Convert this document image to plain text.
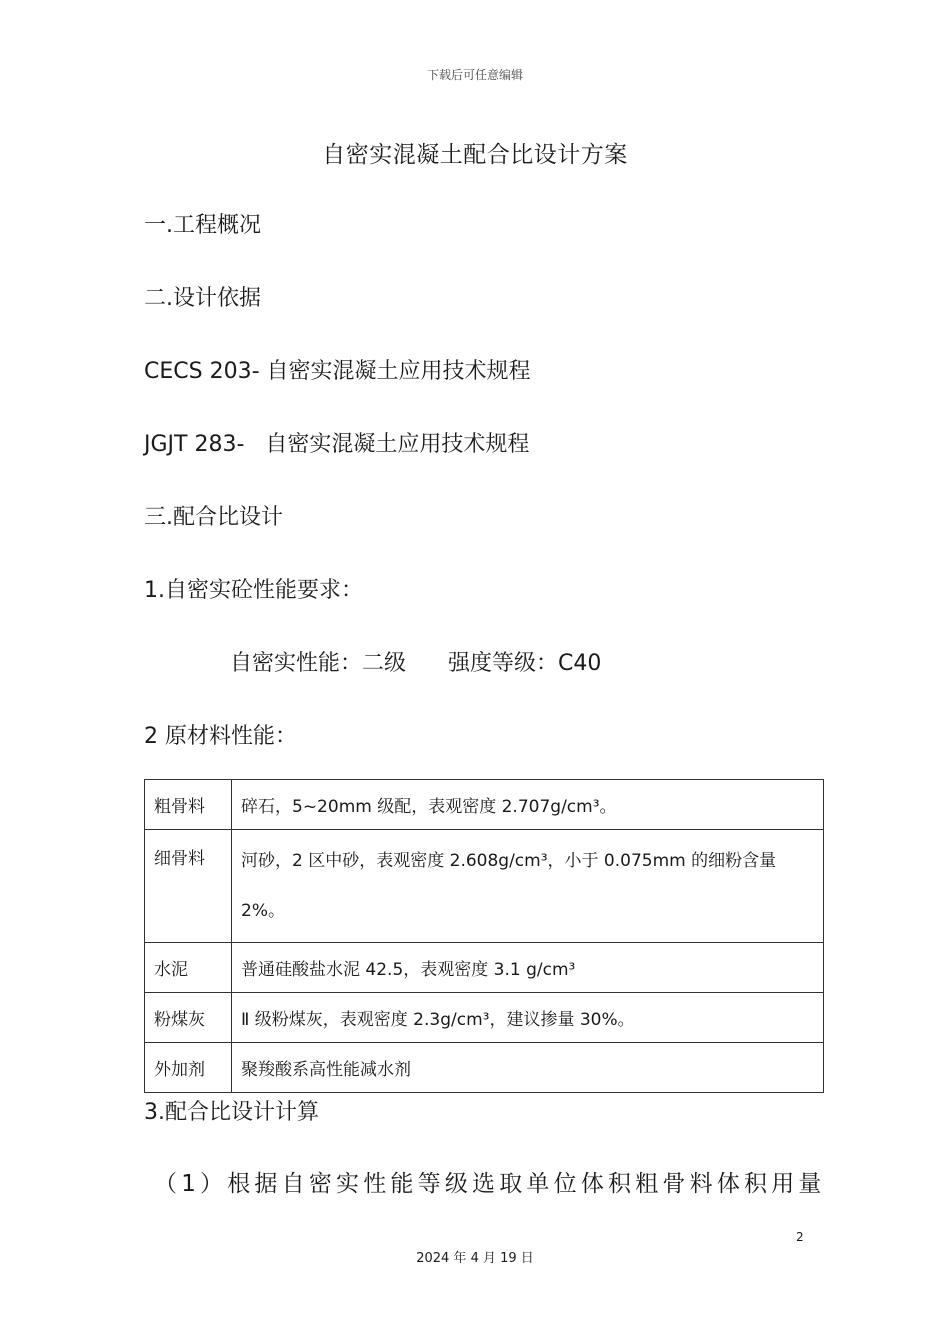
下载后可任意编辑
自密实混凝土配合比设计方案
一.工程概况
二.设计依据

CECS 203- 自密实混凝土应用技术规程

JGJT 283-   自密实混凝土应用技术规程

三.配合比设计

1.自密实砼性能要求：

自密实性能：二级      强度等级：C40

2 原材料性能：

粗骨料	碎石，5~20mm 级配，表观密度 2.707g/cm³。
细骨料	河砂，2 区中砂，表观密度 2.608g/cm³，小于 0.075mm 的细粉含量 2%。
水泥	普通硅酸盐水泥 42.5，表观密度 3.1 g/cm³
粉煤灰	Ⅱ 级粉煤灰，表观密度 2.3g/cm³，建议掺量 30%。
外加剂	聚羧酸系高性能减水剂

3.配合比设计计算

（1）根据自密实性能等级选取单位体积粗骨料体积用量

2
2024 年 4 月 19 日
